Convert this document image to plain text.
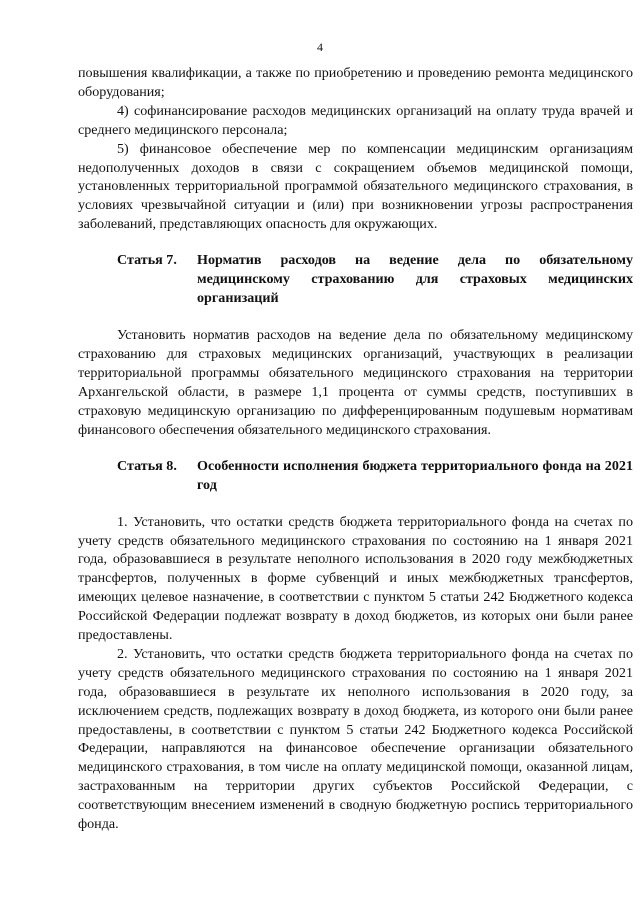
4

повышения квалификации, а также по приобретению и проведению ремонта медицинского оборудования;

4) софинансирование расходов медицинских организаций на оплату труда врачей и среднего медицинского персонала;

5) финансовое обеспечение мер по компенсации медицинским организациям недополученных доходов в связи с сокращением объемов медицинской помощи, установленных территориальной программой обязательного медицинского страхования, в условиях чрезвычайной ситуации и (или) при возникновении угрозы распространения заболеваний, представляющих опасность для окружающих.

Статья 7.	Норматив расходов на ведение дела по обязательному медицинскому страхованию для страховых медицинских организаций

Установить норматив расходов на ведение дела по обязательному медицинскому страхованию для страховых медицинских организаций, участвующих в реализации территориальной программы обязательного медицинского страхования на территории Архангельской области, в размере 1,1 процента от суммы средств, поступивших в страховую медицинскую организацию по дифференцированным подушевым нормативам финансового обеспечения обязательного медицинского страхования.

Статья 8.	Особенности исполнения бюджета территориального фонда на 2021 год

1. Установить, что остатки средств бюджета территориального фонда на счетах по учету средств обязательного медицинского страхования по состоянию на 1 января 2021 года, образовавшиеся в результате неполного использования в 2020 году межбюджетных трансфертов, полученных в форме субвенций и иных межбюджетных трансфертов, имеющих целевое назначение, в соответствии с пунктом 5 статьи 242 Бюджетного кодекса Российской Федерации подлежат возврату в доход бюджетов, из которых они были ранее предоставлены.

2. Установить, что остатки средств бюджета территориального фонда на счетах по учету средств обязательного медицинского страхования по состоянию на 1 января 2021 года, образовавшиеся в результате их неполного использования в 2020 году, за исключением средств, подлежащих возврату в доход бюджета, из которого они были ранее предоставлены, в соответствии с пунктом 5 статьи 242 Бюджетного кодекса Российской Федерации, направляются на финансовое обеспечение организации обязательного медицинского страхования, в том числе на оплату медицинской помощи, оказанной лицам, застрахованным на территории других субъектов Российской Федерации, с соответствующим внесением изменений в сводную бюджетную роспись территориального фонда.
